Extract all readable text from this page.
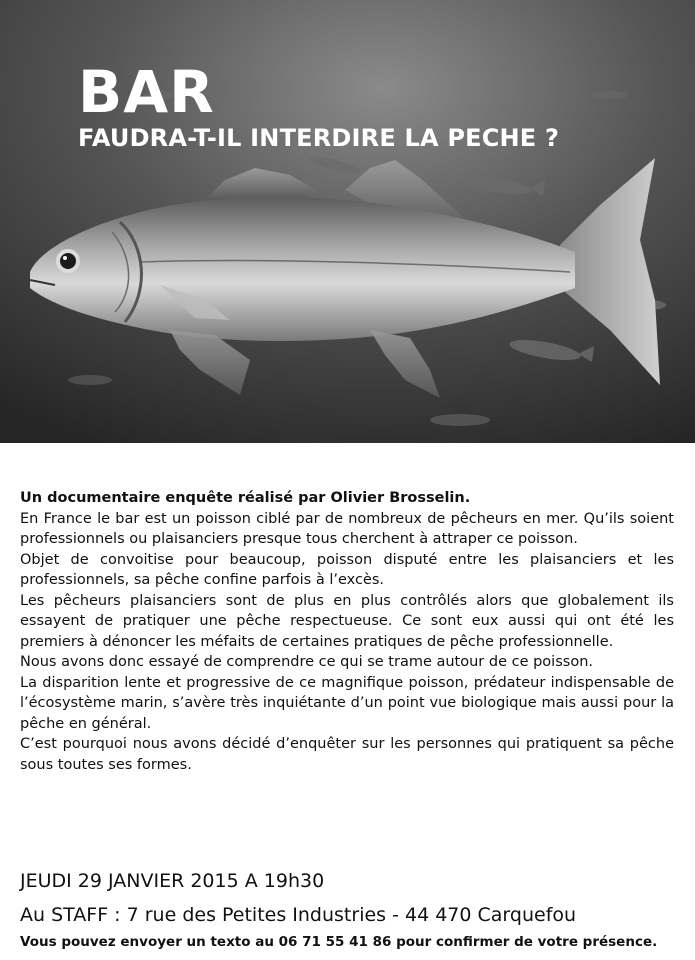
BAR
FAUDRA-T-IL INTERDIRE LA PECHE ?

Un documentaire enquête réalisé par Olivier Brosselin.

En France le bar est un poisson ciblé par de nombreux de pêcheurs en mer. Qu’ils soient professionnels ou plaisanciers presque tous cherchent à attraper ce poisson.

Objet de convoitise pour beaucoup, poisson disputé entre les plaisanciers et les professionnels, sa pêche confine parfois à l’excès.

Les pêcheurs plaisanciers sont de plus en plus contrôlés alors que globalement ils essayent de pratiquer une pêche respectueuse. Ce sont eux aussi qui ont été les premiers à dénoncer les méfaits de certaines pratiques de pêche professionnelle.

Nous avons donc essayé de comprendre ce qui se trame autour de ce poisson.

La disparition lente et progressive de ce magnifique poisson, prédateur indispensable de l’écosystème marin, s’avère très inquiétante d’un point vue biologique mais aussi pour la pêche en général.

C’est pourquoi nous avons décidé d’enquêter sur les personnes qui pratiquent sa pêche sous toutes ses formes.

JEUDI 29 JANVIER 2015 A 19h30
Au STAFF : 7 rue des Petites Industries - 44 470 Carquefou
Vous pouvez envoyer un texto au 06 71 55 41 86 pour confirmer de votre présence.
